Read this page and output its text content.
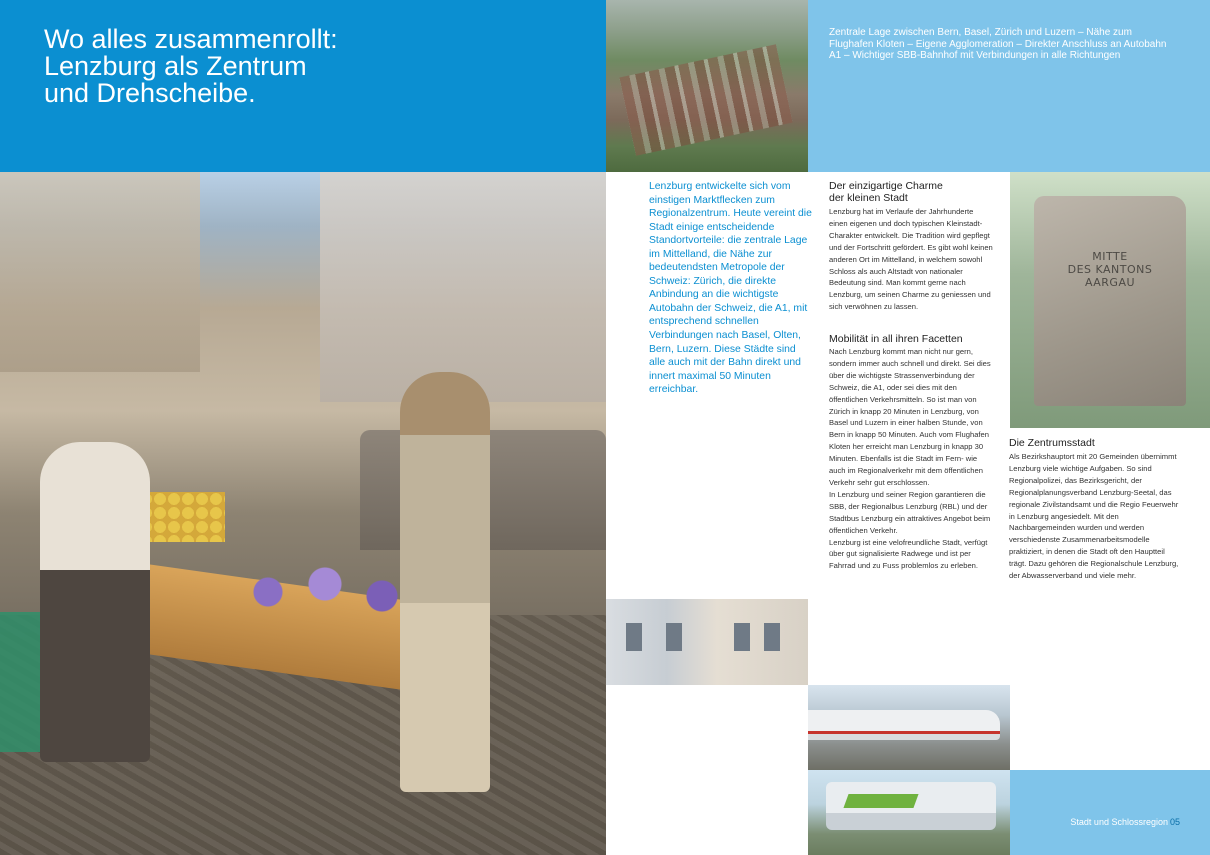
Wo alles zusammenrollt:
Lenzburg als Zentrum
und Drehscheibe.

Zentrale Lage zwischen Bern, Basel, Zürich und Luzern – Nähe zum Flughafen Kloten – Eigene Agglomeration – Direkter Anschluss an Autobahn A1 – Wichtiger SBB-Bahnhof mit Verbindungen in alle Richtungen

Lenzburg entwickelte sich vom einstigen Marktflecken zum Regionalzentrum. Heute vereint die Stadt einige entscheidende Standortvorteile: die zentrale Lage im Mittelland, die Nähe zur bedeutendsten Metropole der Schweiz: Zürich, die direkte Anbindung an die wichtigste Autobahn der Schweiz, die A1, mit entsprechend schnellen Verbindungen nach Basel, Olten, Bern, Luzern. Diese Städte sind alle auch mit der Bahn direkt und innert maximal 50 Minuten erreichbar.

Der einzigartige Charme
der kleinen Stadt

Lenzburg hat im Verlaufe der Jahrhunderte einen eigenen und doch typischen Kleinstadt-Charakter entwickelt. Die Tradition wird gepflegt und der Fortschritt gefördert. Es gibt wohl keinen anderen Ort im Mittelland, in welchem sowohl Schloss als auch Altstadt von nationaler Bedeutung sind. Man kommt gerne nach Lenzburg, um seinen Charme zu geniessen und sich verwöhnen zu lassen.

Mobilität in all ihren Facetten

Nach Lenzburg kommt man nicht nur gern, sondern immer auch schnell und direkt. Sei dies über die wichtigste Strassenverbindung der Schweiz, die A1, oder sei dies mit den öffentlichen Verkehrsmitteln. So ist man von Zürich in knapp 20 Minuten in Lenzburg, von Basel und Luzern in einer halben Stunde, von Bern in knapp 50 Minuten. Auch vom Flughafen Kloten her erreicht man Lenzburg in knapp 30 Minuten. Ebenfalls ist die Stadt im Fern- wie auch im Regionalverkehr mit dem öffentlichen Verkehr sehr gut erschlossen.
In Lenzburg und seiner Region garantieren die SBB, der Regionalbus Lenzburg (RBL) und der Stadtbus Lenzburg ein attraktives Angebot beim öffentlichen Verkehr.
Lenzburg ist eine velofreundliche Stadt, verfügt über gut signalisierte Radwege und ist per Fahrrad und zu Fuss problemlos zu erleben.

MITTE
DES KANTONS
AARGAU
Die Zentrumsstadt

Als Bezirkshauptort mit 20 Gemeinden übernimmt Lenzburg viele wichtige Aufgaben. So sind Regionalpolizei, das Bezirksgericht, der Regionalplanungsverband Lenzburg-Seetal, das regionale Zivilstandsamt und die Regio Feuerwehr in Lenzburg angesiedelt. Mit den Nachbargemeinden wurden und werden verschiedenste Zusammenarbeitsmodelle praktiziert, in denen die Stadt oft den Hauptteil trägt. Dazu gehören die Regionalschule Lenzburg, der Abwasserverband und viele mehr.

Stadt und Schlossregion 05
